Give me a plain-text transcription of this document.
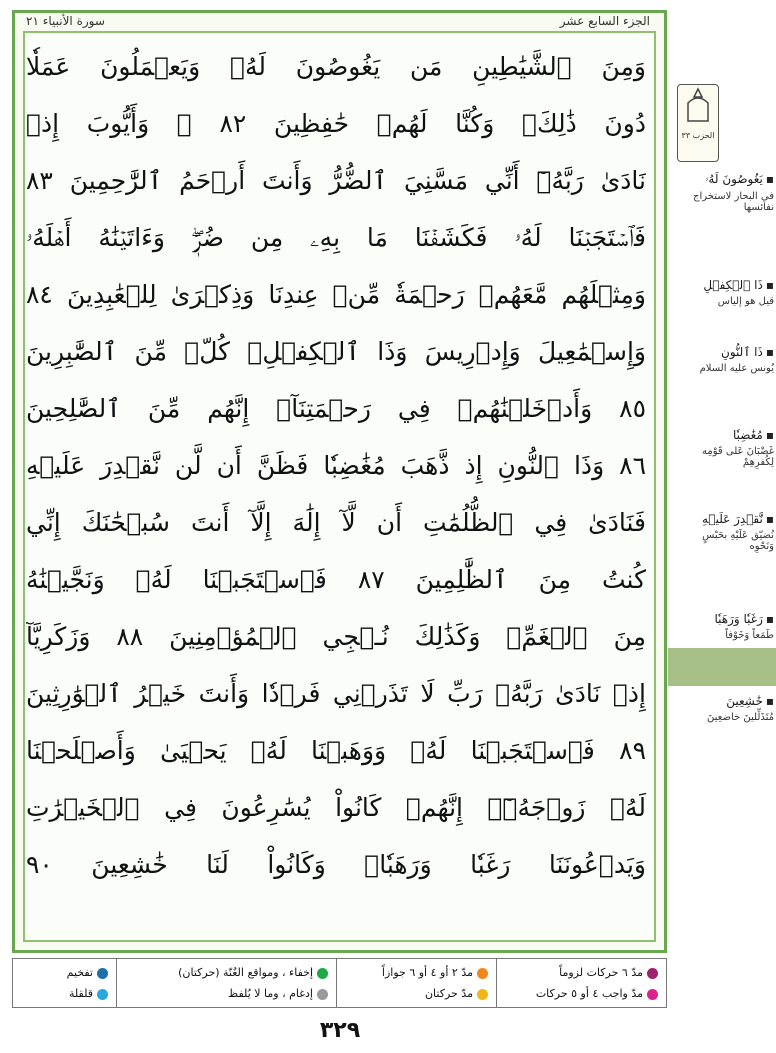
سورة الأنبياء ٢١	الجزء السابع عشر
وَمِنَ ٱلشَّيَٰطِينِ مَن يَغُوصُونَ لَهُۥ وَيَعۡمَلُونَ عَمَلٗا
دُونَ ذَٰلِكَۖ وَكُنَّا لَهُمۡ حَٰفِظِينَ ٨٢ ۞ وَأَيُّوبَ إِذۡ
نَادَىٰ رَبَّهُۥٓ أَنِّي مَسَّنِيَ ٱلضُّرُّ وَأَنتَ أَرۡحَمُ ٱلرَّٰحِمِينَ ٨٣
فَٱسۡتَجَبۡنَا لَهُۥ فَكَشَفۡنَا مَا بِهِۦ مِن ضُرّٖۖ وَءَاتَيۡنَٰهُ أَهۡلَهُۥ
وَمِثۡلَهُم مَّعَهُمۡ رَحۡمَةٗ مِّنۡ عِندِنَا وَذِكۡرَىٰ لِلۡعَٰبِدِينَ ٨٤
وَإِسۡمَٰعِيلَ وَإِدۡرِيسَ وَذَا ٱلۡكِفۡلِۖ كُلّٞ مِّنَ ٱلصَّٰبِرِينَ
٨٥ وَأَدۡخَلۡنَٰهُمۡ فِي رَحۡمَتِنَآۖ إِنَّهُم مِّنَ ٱلصَّٰلِحِينَ
٨٦ وَذَا ٱلنُّونِ إِذ ذَّهَبَ مُغَٰضِبٗا فَظَنَّ أَن لَّن نَّقۡدِرَ عَلَيۡهِ
فَنَادَىٰ فِي ٱلظُّلُمَٰتِ أَن لَّآ إِلَٰهَ إِلَّآ أَنتَ سُبۡحَٰنَكَ إِنِّي
كُنتُ مِنَ ٱلظَّٰلِمِينَ ٨٧ فَٱسۡتَجَبۡنَا لَهُۥ وَنَجَّيۡنَٰهُ
مِنَ ٱلۡغَمِّۚ وَكَذَٰلِكَ نُـۨجِي ٱلۡمُؤۡمِنِينَ ٨٨ وَزَكَرِيَّآ
إِذۡ نَادَىٰ رَبَّهُۥ رَبِّ لَا تَذَرۡنِي فَرۡدٗا وَأَنتَ خَيۡرُ ٱلۡوَٰرِثِينَ
٨٩ فَٱسۡتَجَبۡنَا لَهُۥ وَوَهَبۡنَا لَهُۥ يَحۡيَىٰ وَأَصۡلَحۡنَا
لَهُۥ زَوۡجَهُۥٓۚ إِنَّهُمۡ كَانُواْ يُسَٰرِعُونَ فِي ٱلۡخَيۡرَٰتِ
وَيَدۡعُونَنَا رَغَبٗا وَرَهَبٗاۖ وَكَانُواْ لَنَا خَٰشِعِينَ ٩٠
الحزب ٣٣
▪ يَغُوصُونَ لَهُۥ
في البحار لاستخراج نفائسها
▪ ذَا ٱلۡكِفۡلِ
قيل هو إلياس
▪ ذَا ٱلنُّونِ
يُونس عليه السلام
▪ مُغَٰضِبٗا
غَضْبَانَ عَلى قَوْمِه لِكُفرِهِمْ
▪ نَّقۡدِرَ عَلَيۡهِ
نُضيّق عَلَيْهِ بحَبْسٍ وَنَحْوِه
▪ رَغَبٗا وَرَهَبٗا
طَمَعاً وَخَوْفاً
▪ خَٰشِعِينَ
مُتَذَلِّلينَ خاضعِينَ
مدّ ٦ حركات لزوماً
مدّ واجب ٤ أو ٥ حركات
مدّ ٢ أو ٤ أو ٦ جوازاً
مدّ حركتان
إخفاء ، ومواقع الغُنّة (حركتان)
إدغام ، وما لا يُلفظ
تفخيم
قلقلة
٣٢٩
